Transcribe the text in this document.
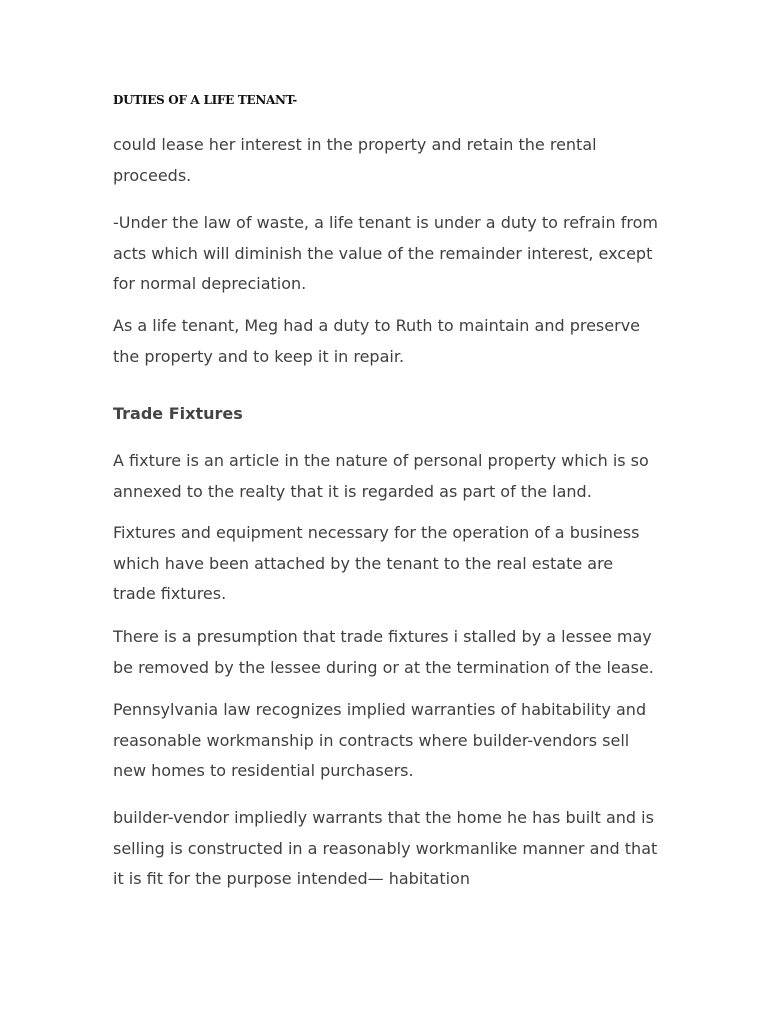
DUTIES OF A LIFE TENANT-

could lease her interest in the property and retain the rental proceeds.

-Under the law of waste, a life tenant is under a duty to refrain from acts which will diminish the value of the remainder interest, except for normal depreciation.

As a life tenant, Meg had a duty to Ruth to maintain and preserve the property and to keep it in repair.

Trade Fixtures

A fixture is an article in the nature of personal property which is so annexed to the realty that it is regarded as part of the land.

Fixtures and equipment necessary for the operation of a business which have been attached by the tenant to the real estate are trade fixtures.

There is a presumption that trade fixtures i stalled by a lessee may be removed by the lessee during or at the termination of the lease.

Pennsylvania law recognizes implied warranties of habitability and reasonable workmanship in contracts where builder-vendors sell new homes to residential purchasers.

builder-vendor impliedly warrants that the home he has built and is selling is constructed in a reasonably workmanlike manner and that it is fit for the purpose intended— habitation
